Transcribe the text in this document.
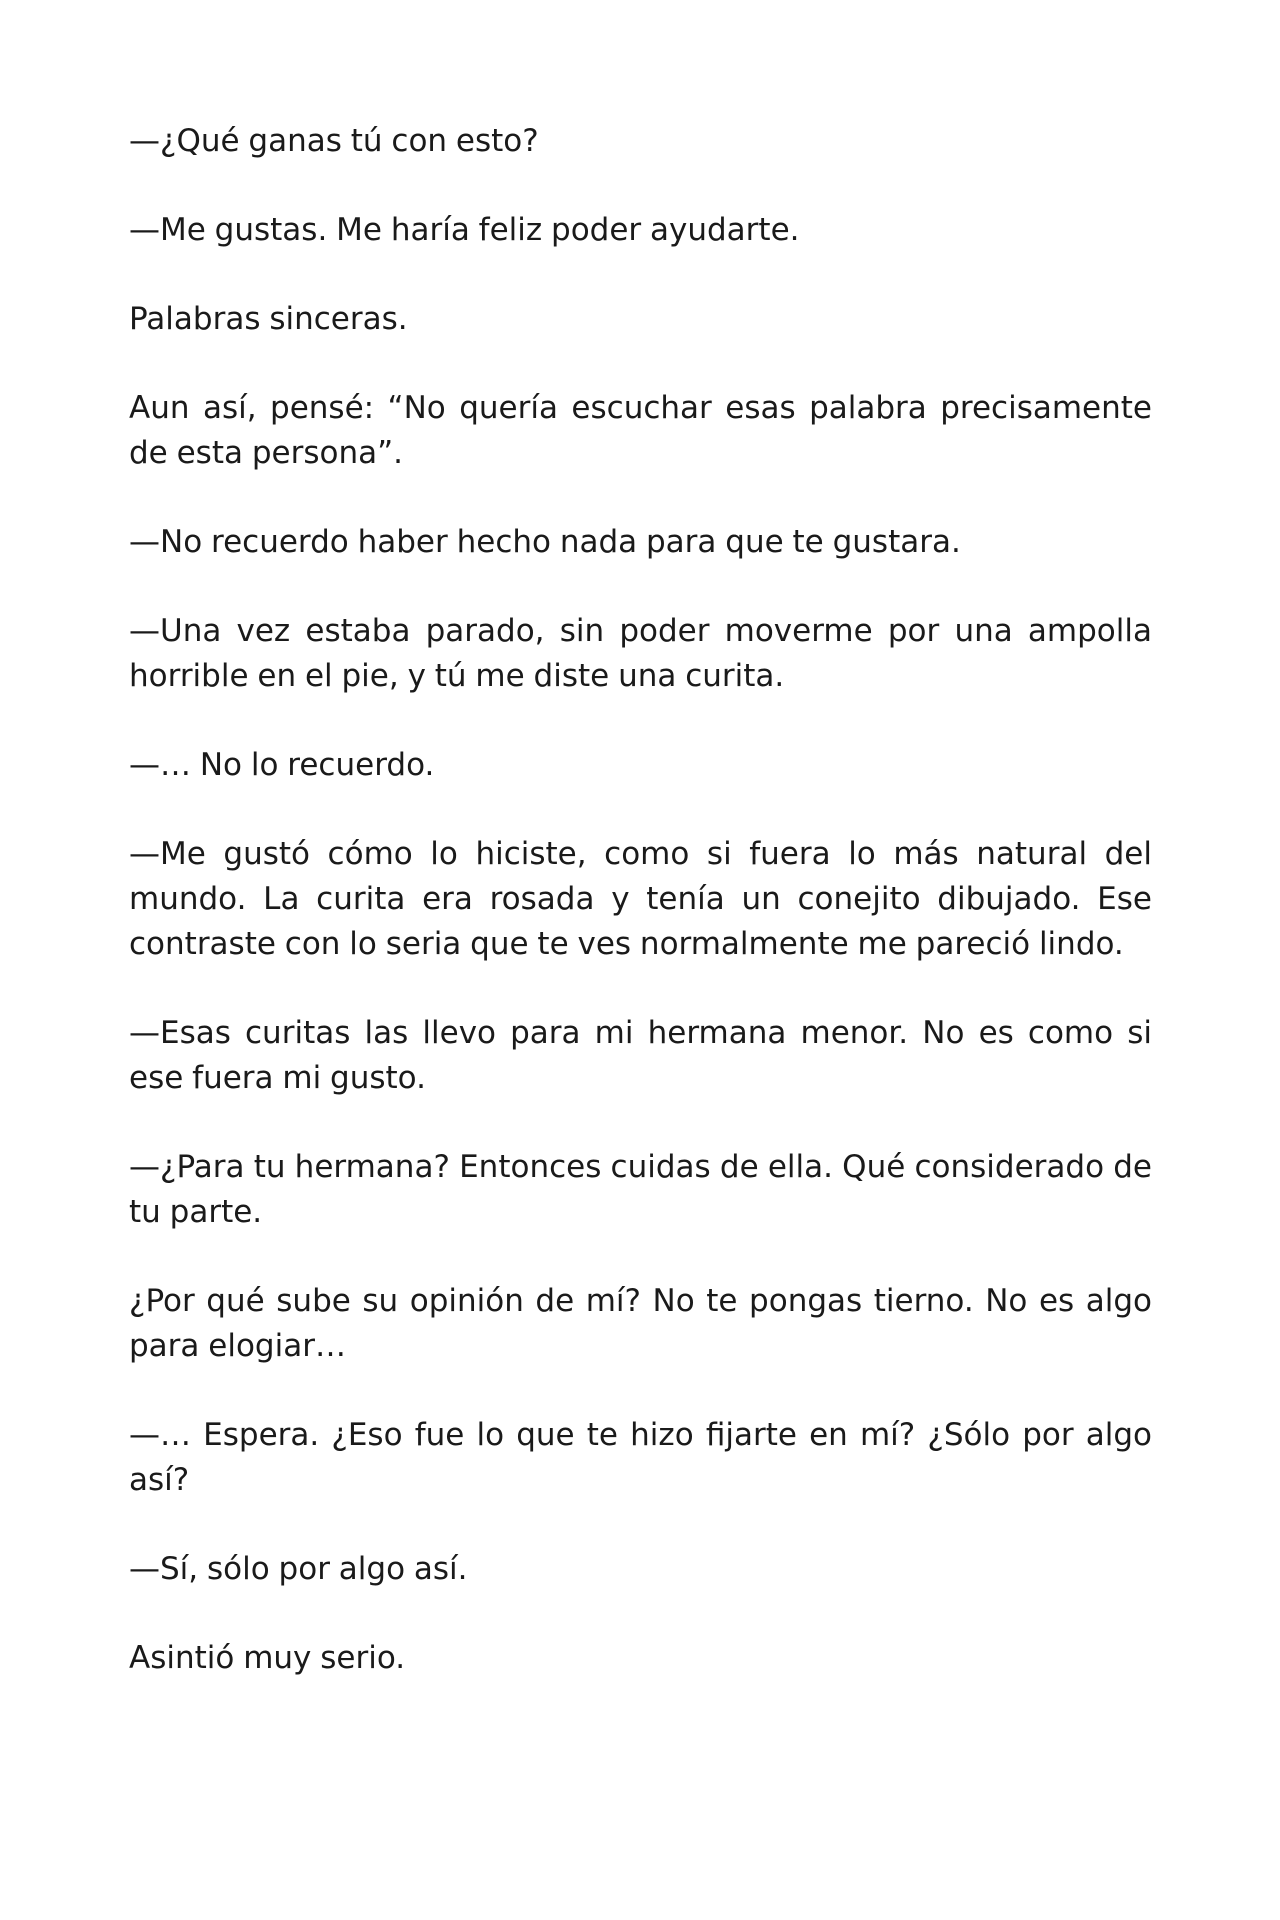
—¿Qué ganas tú con esto?

—Me gustas. Me haría feliz poder ayudarte.

Palabras sinceras.

Aun así, pensé: “No quería escuchar esas palabra precisamente de esta persona”.

—No recuerdo haber hecho nada para que te gustara.

—Una vez estaba parado, sin poder moverme por una ampolla horrible en el pie, y tú me diste una curita.

—… No lo recuerdo.

—Me gustó cómo lo hiciste, como si fuera lo más natural del mundo. La curita era rosada y tenía un conejito dibujado. Ese contraste con lo seria que te ves normalmente me pareció lindo.

—Esas curitas las llevo para mi hermana menor. No es como si ese fuera mi gusto.

—¿Para tu hermana? Entonces cuidas de ella. Qué considerado de tu parte.

¿Por qué sube su opinión de mí? No te pongas tierno. No es algo para elogiar…

—… Espera. ¿Eso fue lo que te hizo fijarte en mí? ¿Sólo por algo así?

—Sí, sólo por algo así.

Asintió muy serio.
